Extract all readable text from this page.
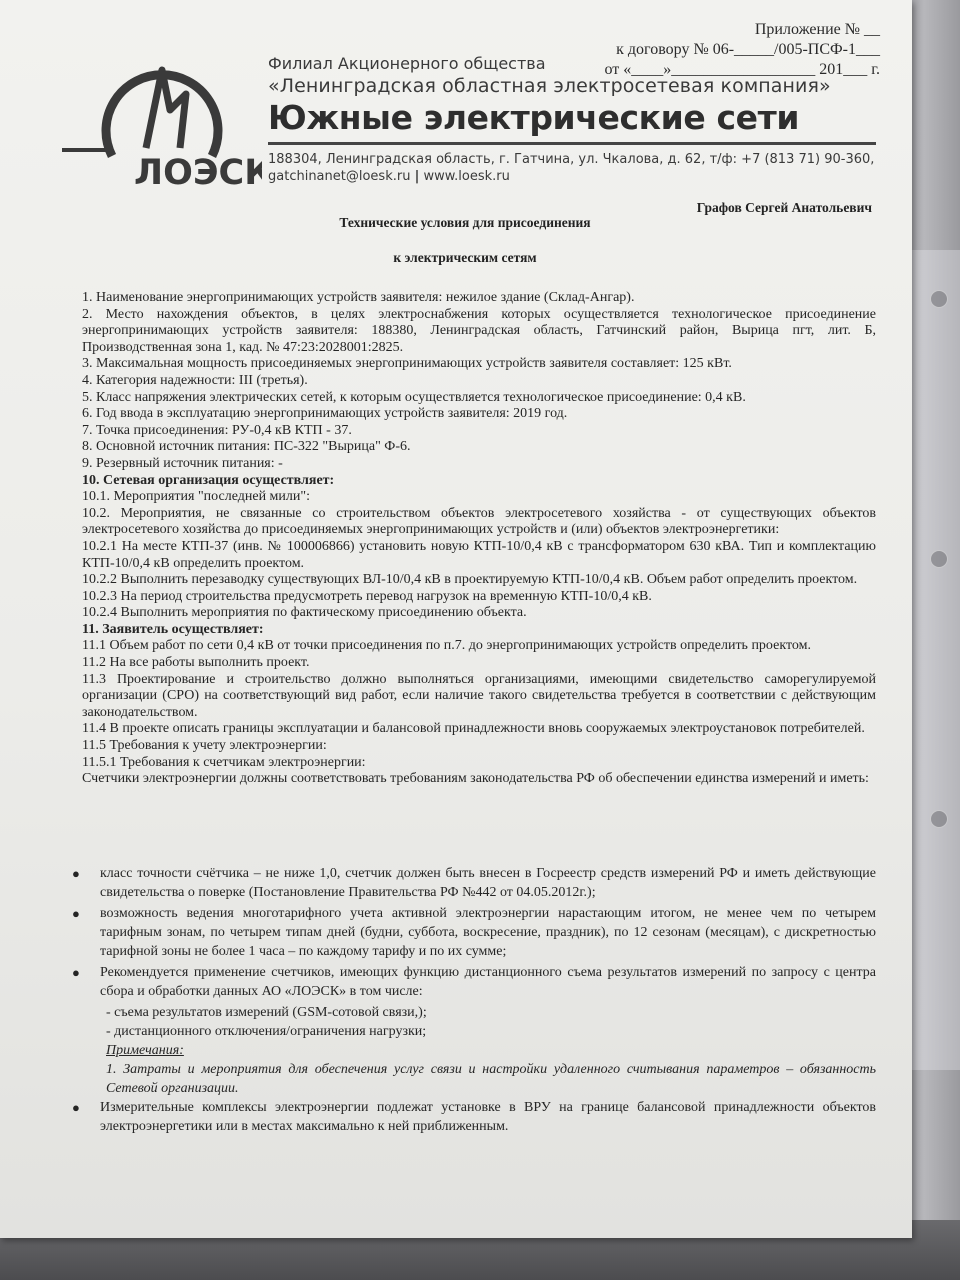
Приложение № __
к договору № 06-_____/005-ПСФ-1___
от «____»__________________ 201___ г.
ЛОЭСК
Филиал Акционерного общества
«Ленинградская областная электросетевая компания»
Южные электрические сети
188304, Ленинградская область, г. Гатчина, ул. Чкалова, д. 62, т/ф: +7 (813 71) 90-360,
gatchinanet@loesk.ru | www.loesk.ru
Графов Сергей Анатольевич
Технические условия для присоединения
к электрическим сетям

1. Наименование энергопринимающих устройств заявителя: нежилое здание (Склад-Ангар).

2. Место нахождения объектов, в целях электроснабжения которых осуществляется технологическое присоединение энергопринимающих устройств заявителя: 188380, Ленинградская область, Гатчинский район, Вырица пгт, лит. Б, Производственная зона 1, кад. № 47:23:2028001:2825.

3. Максимальная мощность присоединяемых энергопринимающих устройств заявителя составляет: 125 кВт.

4. Категория надежности: III (третья).

5. Класс напряжения электрических сетей, к которым осуществляется технологическое присоединение: 0,4 кВ.

6. Год ввода в эксплуатацию энергопринимающих устройств заявителя: 2019 год.

7. Точка присоединения: РУ-0,4 кВ КТП - 37.

8. Основной источник питания: ПС-322 "Вырица" Ф-6.

9. Резервный источник питания: -

10. Сетевая организация осуществляет:

10.1. Мероприятия "последней мили":

10.2. Мероприятия, не связанные со строительством объектов электросетевого хозяйства - от существующих объектов электросетевого хозяйства до присоединяемых энергопринимающих устройств и (или) объектов электроэнергетики:

10.2.1 На месте КТП-37 (инв. № 100006866) установить новую КТП-10/0,4 кВ с трансформатором 630 кВА. Тип и комплектацию КТП-10/0,4 кВ определить проектом.

10.2.2 Выполнить перезаводку существующих ВЛ-10/0,4 кВ в проектируемую КТП-10/0,4 кВ. Объем работ определить проектом.

10.2.3 На период строительства предусмотреть перевод нагрузок на временную КТП-10/0,4 кВ.

10.2.4 Выполнить мероприятия по фактическому присоединению объекта.

11. Заявитель осуществляет:

11.1 Объем работ по сети 0,4 кВ от точки присоединения по п.7. до энергопринимающих устройств определить проектом.

11.2 На все работы выполнить проект.

11.3 Проектирование и строительство должно выполняться организациями, имеющими свидетельство саморегулируемой организации (СРО) на соответствующий вид работ, если наличие такого свидетельства требуется в соответствии с действующим законодательством.

11.4 В проекте описать границы эксплуатации и балансовой принадлежности вновь сооружаемых электроустановок потребителей.

11.5 Требования к учету электроэнергии:

11.5.1 Требования к счетчикам электроэнергии:

Счетчики электроэнергии должны соответствовать требованиям законодательства РФ об обеспечении единства измерений и иметь:

● класс точности счётчика – не ниже 1,0, счетчик должен быть внесен в Госреестр средств измерений РФ и иметь действующие свидетельства о поверке (Постановление Правительства РФ №442 от 04.05.2012г.);
● возможность ведения многотарифного учета активной электроэнергии нарастающим итогом, не менее чем по четырем тарифным зонам, по четырем типам дней (будни, суббота, воскресение, праздник), по 12 сезонам (месяцам), с дискретностью тарифной зоны не более 1 часа – по каждому тарифу и по их сумме;
● Рекомендуется применение счетчиков, имеющих функцию дистанционного съема результатов измерений по запросу с центра сбора и обработки данных АО «ЛОЭСК» в том числе:
- съема результатов измерений (GSM-сотовой связи,);
- дистанционного отключения/ограничения нагрузки;
Примечания:
1. Затраты и мероприятия для обеспечения услуг связи и настройки удаленного считывания параметров – обязанность Сетевой организации.
● Измерительные комплексы электроэнергии подлежат установке в ВРУ на границе балансовой принадлежности объектов электроэнергетики или в местах максимально к ней приближенным.
